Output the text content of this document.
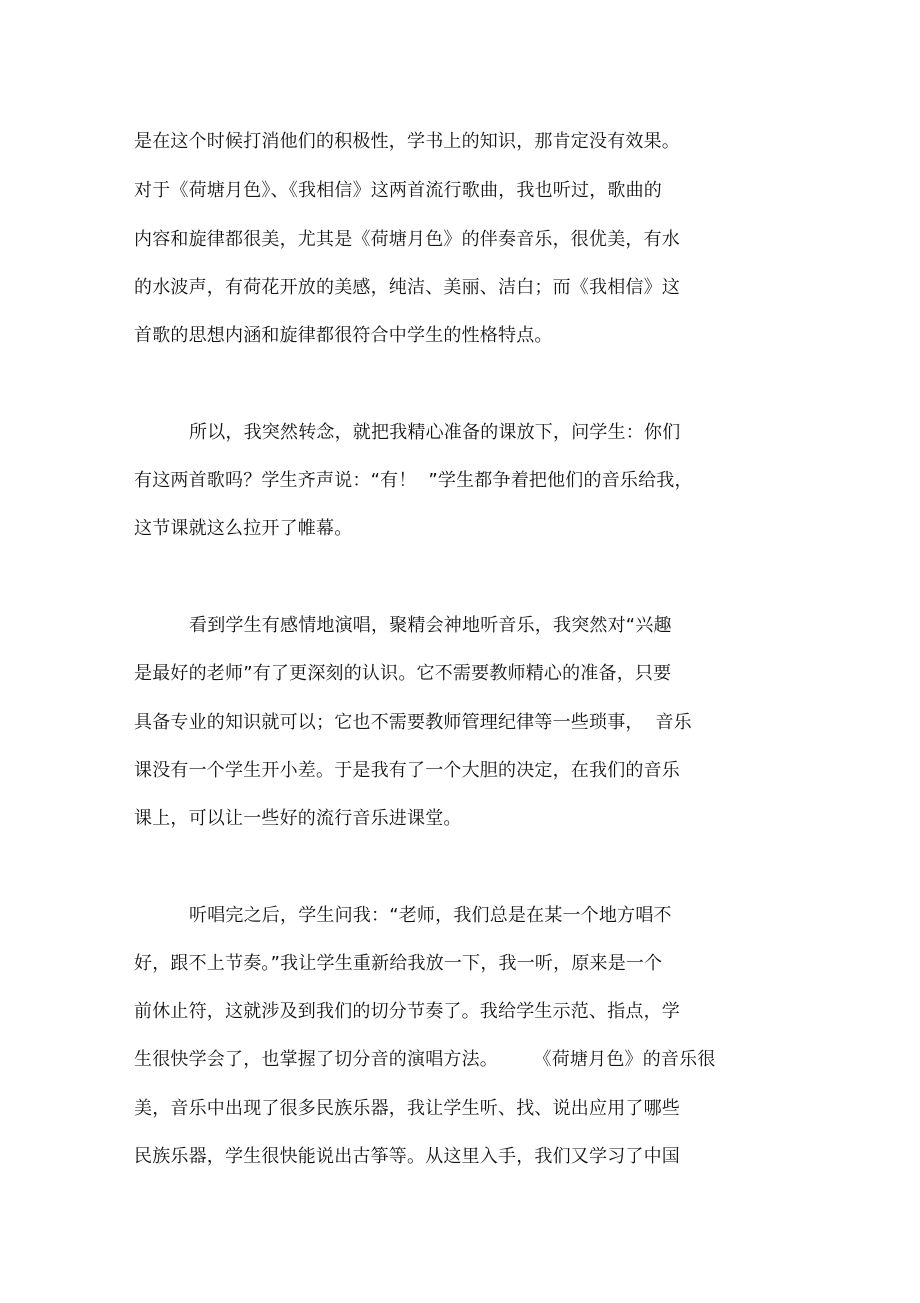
是在这个时候打消他们的积极性，学书上的知识，那肯定没有效果。
对于《荷塘月色》、《我相信》这两首流行歌曲，我也听过，歌曲的
内容和旋律都很美，尤其是《荷塘月色》的伴奏音乐，很优美，有水
的水波声，有荷花开放的美感，纯洁、美丽、洁白；而《我相信》这
首歌的思想内涵和旋律都很符合中学生的性格特点。
所以，我突然转念，就把我精心准备的课放下，问学生：你们
有这两首歌吗？学生齐声说：“有！  ”学生都争着把他们的音乐给我，
这节课就这么拉开了帷幕。
看到学生有感情地演唱，聚精会神地听音乐，我突然对“兴趣
是最好的老师”有了更深刻的认识。它不需要教师精心的准备，只要
具备专业的知识就可以；它也不需要教师管理纪律等一些琐事，  音乐
课没有一个学生开小差。于是我有了一个大胆的决定，在我们的音乐
课上，可以让一些好的流行音乐进课堂。
听唱完之后，学生问我：“老师，我们总是在某一个地方唱不
好，跟不上节奏。”我让学生重新给我放一下，我一听，原来是一个
前休止符，这就涉及到我们的切分节奏了。我给学生示范、指点，学
生很快学会了，也掌握了切分音的演唱方法。      《荷塘月色》的音乐很
美，音乐中出现了很多民族乐器，我让学生听、找、说出应用了哪些
民族乐器，学生很快能说出古筝等。从这里入手，我们又学习了中国
